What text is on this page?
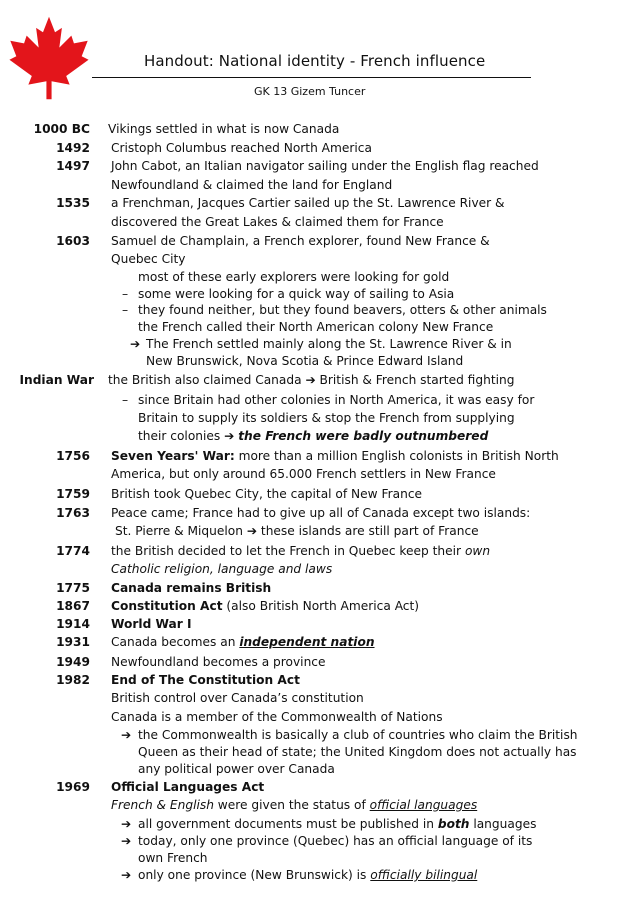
Handout: National identity - French influence
GK 13 Gizem Tuncer
1000 BC Vikings settled in what is now Canada
1492 Cristoph Columbus reached North America
1497 John Cabot, an Italian navigator sailing under the English flag reached
Newfoundland & claimed the land for England
1535 a Frenchman, Jacques Cartier sailed up the St. Lawrence River &
discovered the Great Lakes & claimed them for France
1603 Samuel de Champlain, a French explorer, found New France &
Quebec City
most of these early explorers were looking for gold
– some were looking for a quick way of sailing to Asia
– they found neither, but they found beavers, otters & other animals
the French called their North American colony New France
➔ The French settled mainly along the St. Lawrence River & in
New Brunswick, Nova Scotia & Prince Edward Island
Indian War the British also claimed Canada ➔ British & French started fighting
– since Britain had other colonies in North America, it was easy for
Britain to supply its soldiers & stop the French from supplying
their colonies ➔ the French were badly outnumbered
1756 Seven Years' War: more than a million English colonists in British North
America, but only around 65.000 French settlers in New France
1759 British took Quebec City, the capital of New France
1763 Peace came; France had to give up all of Canada except two islands:
St. Pierre & Miquelon ➔ these islands are still part of France
1774 the British decided to let the French in Quebec keep their own
Catholic religion, language and laws
1775 Canada remains British
1867 Constitution Act (also British North America Act)
1914 World War I
1931 Canada becomes an independent nation
1949 Newfoundland becomes a province
1982 End of The Constitution Act
British control over Canada’s constitution
Canada is a member of the Commonwealth of Nations
➔ the Commonwealth is basically a club of countries who claim the British
Queen as their head of state; the United Kingdom does not actually has
any political power over Canada
1969 Official Languages Act
French & English were given the status of official languages
➔ all government documents must be published in both languages
➔ today, only one province (Quebec) has an official language of its
own French
➔ only one province (New Brunswick) is officially bilingual
